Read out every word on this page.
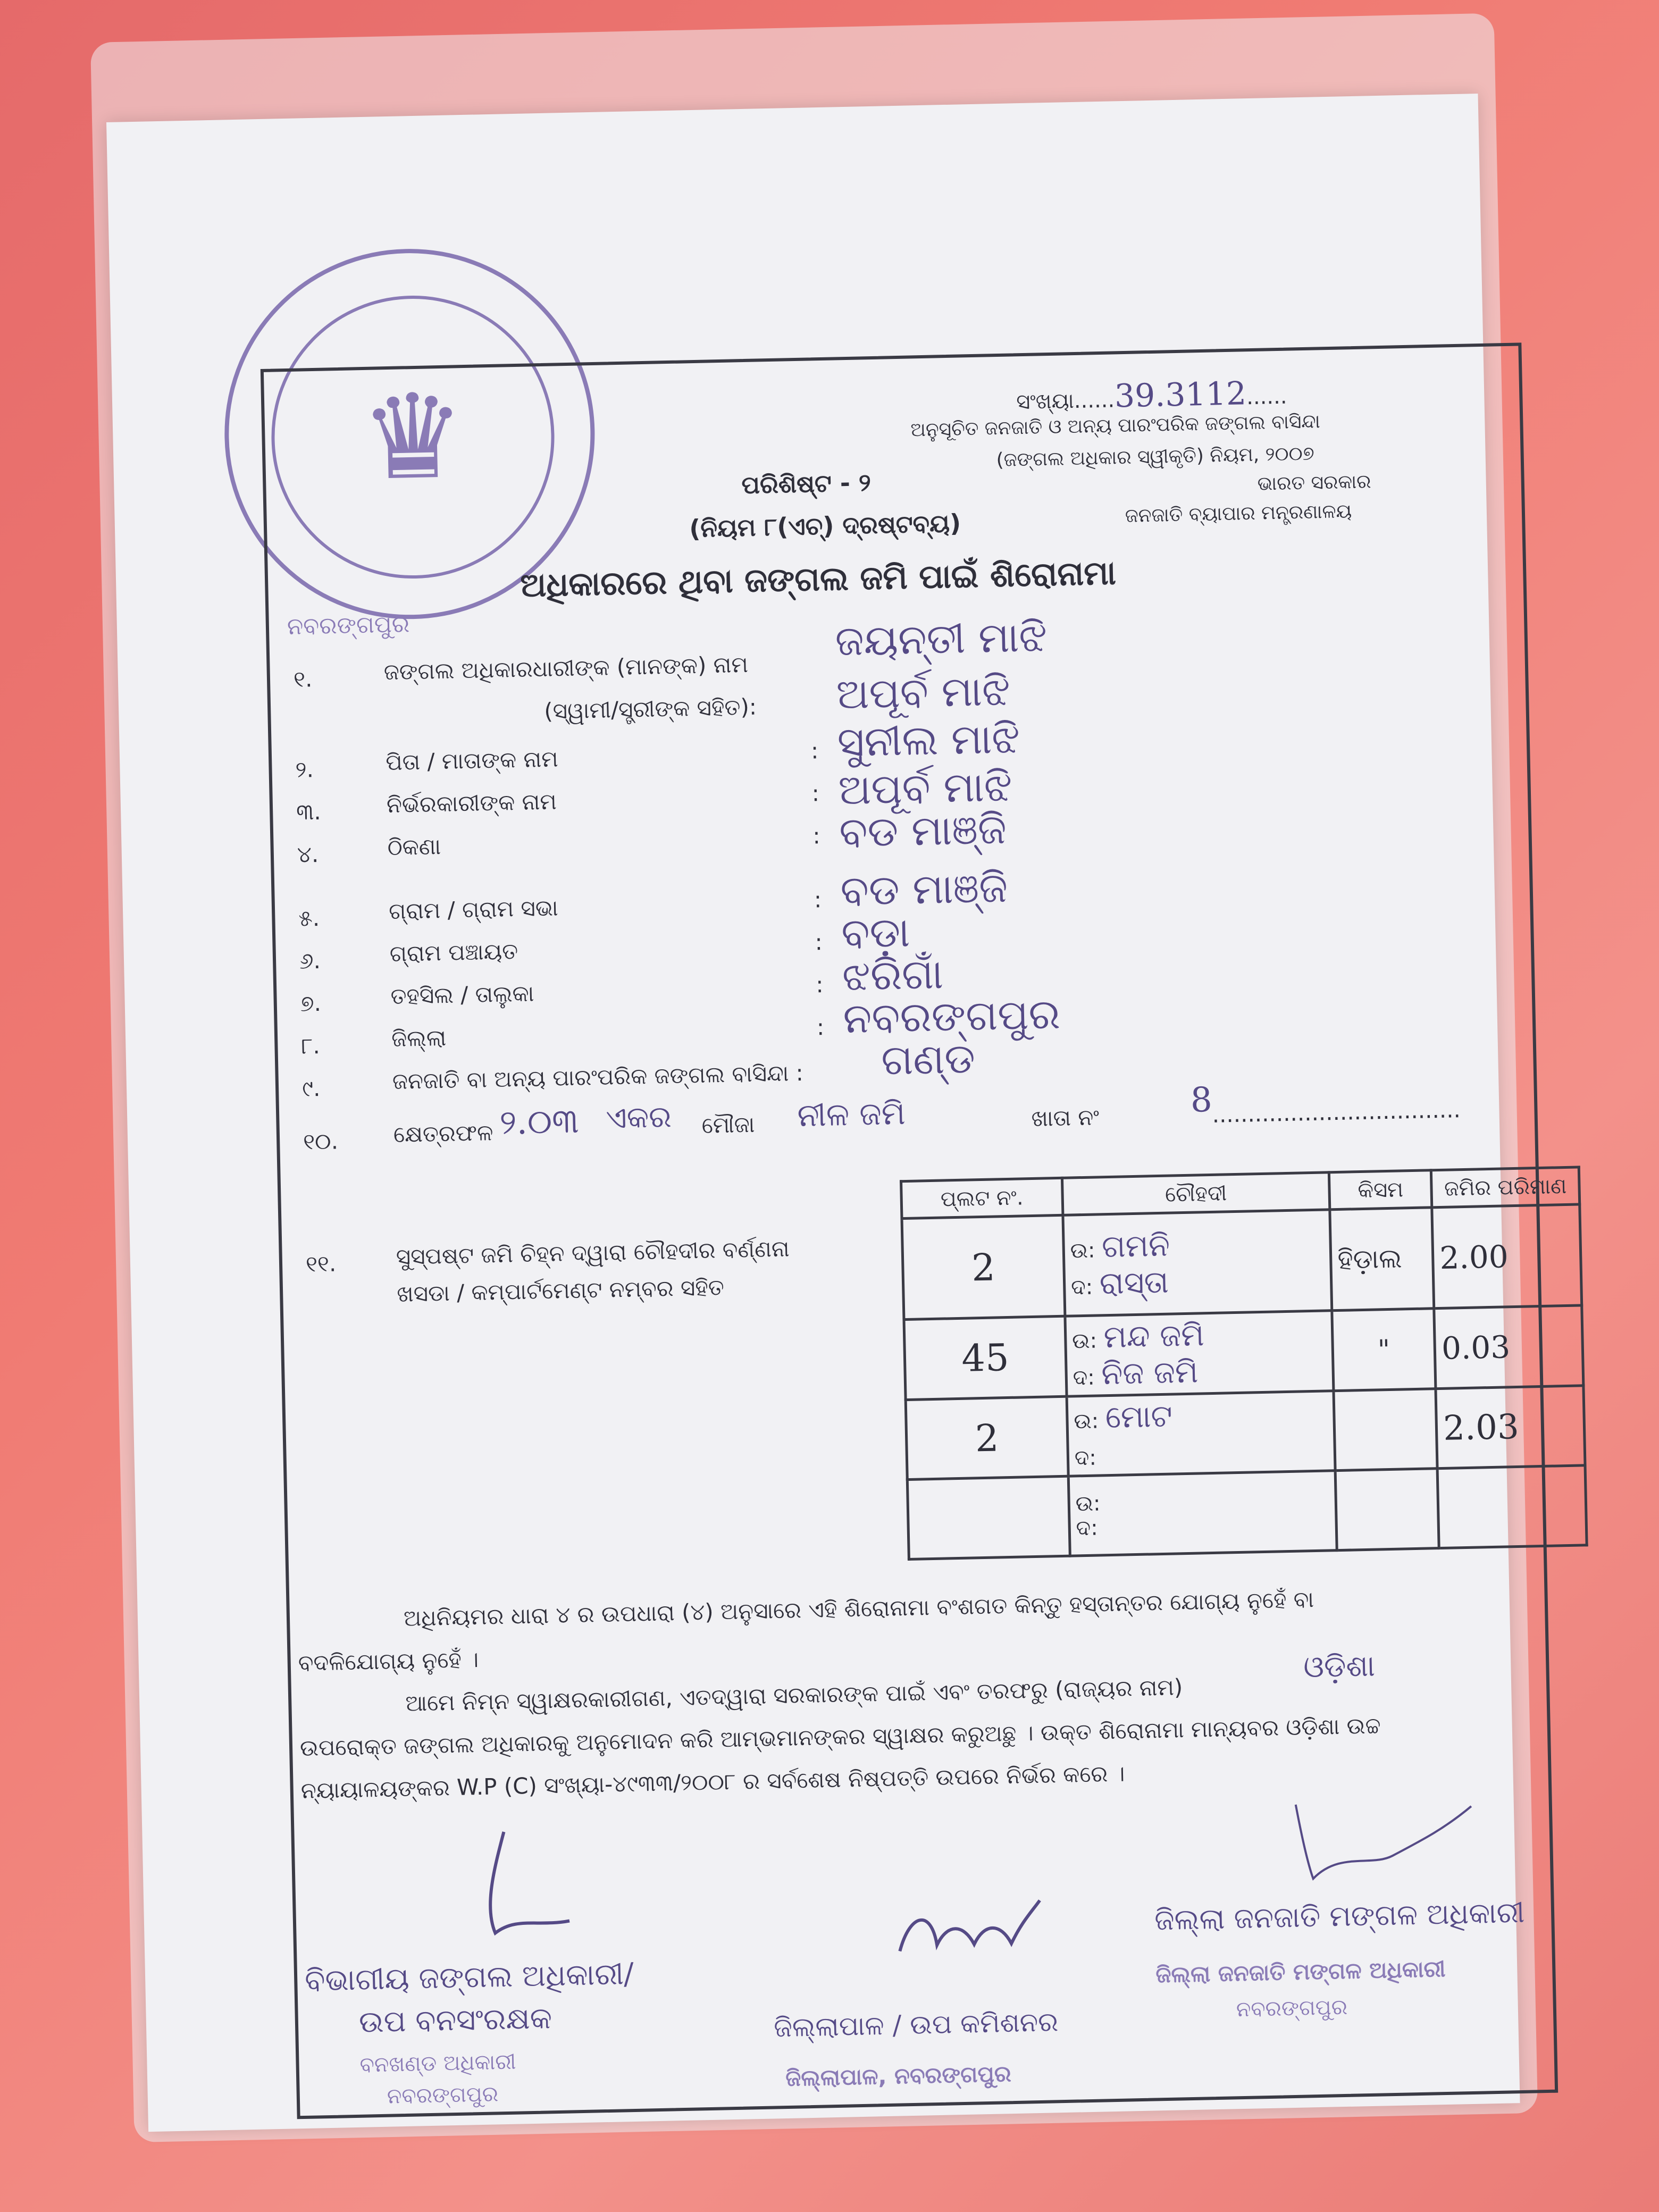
♛
ନବରଙ୍ଗପୁର
ସଂଖ୍ୟା......39.3112......
ଅନୁସୂଚିତ ଜନଜାତି ଓ ଅନ୍ୟ ପାରଂପରିକ ଜଙ୍ଗଲ ବାସିନ୍ଦା
(ଜଙ୍ଗଲ ଅଧିକାର ସ୍ୱୀକୃତି) ନିୟମ, ୨୦୦୭
ଭାରତ ସରକାର
ଜନଜାତି ବ୍ୟାପାର ମନ୍ତ୍ରଣାଳୟ
ପରିଶିଷ୍ଟ - ୨
(ନିୟମ ୮(ଏଚ୍) ଦ୍ରଷ୍ଟବ୍ୟ)
ଅଧିକାରରେ ଥିବା ଜଙ୍ଗଲ ଜମି ପାଇଁ ଶିରୋନାମା
୧.	ଜଙ୍ଗଲ ଅଧିକାରଧାରୀଙ୍କ (ମାନଙ୍କ) ନାମ
ଜୟନ୍ତୀ ମାଝି
(ସ୍ୱାମୀ/ସ୍ତ୍ରୀଙ୍କ ସହିତ): ଅପୂର୍ବ ମାଝି
୨.	ପିତା / ମାତାଙ୍କ ନାମ	: ସୁନୀଲ ମାଝି
୩.	ନିର୍ଭରକାରୀଙ୍କ ନାମ	: ଅପୂର୍ବ ମାଝି
୪.	ଠିକଣା	: ବଡ ମାଞ୍ଜି
୫.	ଗ୍ରାମ / ଗ୍ରାମ ସଭା	: ବଡ ମାଞ୍ଜି
୬.	ଗ୍ରାମ ପଞ୍ଚାୟତ	: ବଡ଼ା
୭.	ତହସିଲ / ତାଲୁକା	: ଝରିଗାଁ
୮.	ଜିଲ୍ଲା	: ନବରଙ୍ଗପୁର
୯.	ଜନଜାତି ବା ଅନ୍ୟ ପାରଂପରିକ ଜଙ୍ଗଲ ବାସିନ୍ଦା : ଗଣ୍ଡ
୧୦. କ୍ଷେତ୍ରଫଳ ୨.୦୩ ଏକର ମୌଜା ନୀଳ ଜମି	ଖାତା ନଂ	8
...................................
୧୧.	ସୁସ୍ପଷ୍ଟ ଜମି ଚିହ୍ନ ଦ୍ୱାରା ଚୌହଦୀର ବର୍ଣ୍ଣନା
ଖସଡା / କମ୍ପାର୍ଟମେଣ୍ଟ ନମ୍ବର ସହିତ
ପ୍ଲଟ ନଂ.	ଚୌହଦୀ	କିସମ	ଜମିର ପରିମାଣ
2	ଉ: ଗମନି
ଦ: ରାସ୍ତା	ହିଡ଼ାଲ	2.00
45	ଉ: ମନ୍ଦ ଜମି
ଦ: ନିଜ ଜମି	"	0.03
2	ଉ: ମୋଟ
ଦ:		2.03

	ଉ:
ଦ:		

ଅଧିନିୟମର ଧାରା ୪ ର ଉପଧାରା (୪) ଅନୁସାରେ ଏହି ଶିରୋନାମା ବଂଶଗତ କିନ୍ତୁ ହସ୍ତାନ୍ତର ଯୋଗ୍ୟ ନୁହେଁ ବା
ବଦଳିଯୋଗ୍ୟ ନୁହେଁ ।
ଆମେ ନିମ୍ନ ସ୍ୱାକ୍ଷରକାରୀଗଣ, ଏତଦ୍ୱାରା ସରକାରଙ୍କ ପାଇଁ ଏବଂ ତରଫରୁ (ରାଜ୍ୟର ନାମ)
ଓଡ଼ିଶା
ଉପରୋକ୍ତ ଜଙ୍ଗଲ ଅଧିକାରକୁ ଅନୁମୋଦନ କରି ଆମ୍ଭମାନଙ୍କର ସ୍ୱାକ୍ଷର କରୁଅଛୁ । ଉକ୍ତ ଶିରୋନାମା ମାନ୍ୟବର ଓଡ଼ିଶା ଉଚ୍ଚ
ନ୍ୟାୟାଳୟଙ୍କର W.P (C) ସଂଖ୍ୟା-୪୯୩୩/୨୦୦୮ ର ସର୍ବଶେଷ ନିଷ୍ପତ୍ତି ଉପରେ ନିର୍ଭର କରେ ।
ବିଭାଗୀୟ ଜଙ୍ଗଲ ଅଧିକାରୀ/
ଉପ ବନସଂରକ୍ଷକ
ବନଖଣ୍ଡ ଅଧିକାରୀ
ନବରଙ୍ଗପୁର
ଜିଲ୍ଲାପାଳ / ଉପ କମିଶନର
ଜିଲ୍ଲାପାଳ, ନବରଙ୍ଗପୁର
ଜିଲ୍ଲା ଜନଜାତି ମଙ୍ଗଳ ଅଧିକାରୀ
ଜିଲ୍ଲା ଜନଜାତି ମଙ୍ଗଳ ଅଧିକାରୀ
ନବରଙ୍ଗପୁର
